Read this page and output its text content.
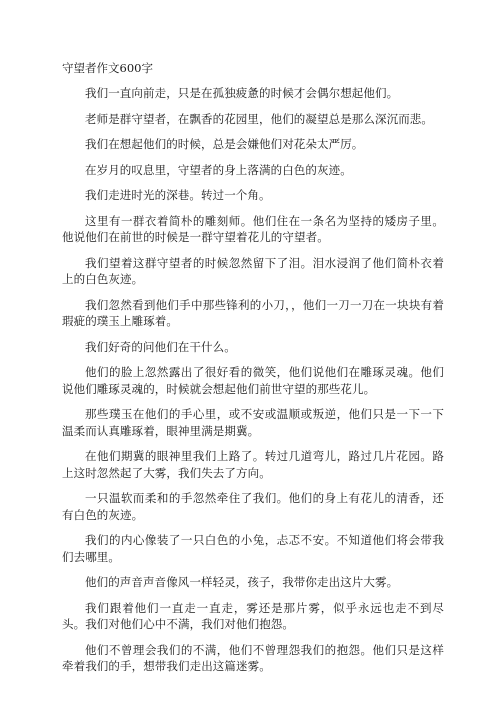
守望者作文600字

我们一直向前走，只是在孤独疲惫的时候才会偶尔想起他们。

老师是群守望者，在飘香的花园里，他们的凝望总是那么深沉而悲。

我们在想起他们的时候，总是会嫌他们对花朵太严厉。

在岁月的叹息里，守望者的身上落满的白色的灰迹。

我们走进时光的深巷。转过一个角。

这里有一群衣着简朴的雕刻师。他们住在一条名为坚持的矮房子里。他说他们在前世的时候是一群守望着花儿的守望者。

我们望着这群守望者的时候忽然留下了泪。泪水浸润了他们简朴衣着上的白色灰迹。

我们忽然看到他们手中那些锋利的小刀，，他们一刀一刀在一块块有着瑕疵的璞玉上雕琢着。

我们好奇的问他们在干什么。

他们的脸上忽然露出了很好看的微笑，他们说他们在雕琢灵魂。他们说他们雕琢灵魂的，时候就会想起他们前世守望的那些花儿。

那些璞玉在他们的手心里，或不安或温顺或叛逆，他们只是一下一下温柔而认真雕琢着，眼神里满是期冀。

在他们期冀的眼神里我们上路了。转过几道弯儿，路过几片花园。路上这时忽然起了大雾，我们失去了方向。

一只温软而柔和的手忽然牵住了我们。他们的身上有花儿的清香，还有白色的灰迹。

我们的内心像装了一只白色的小兔，忐忑不安。不知道他们将会带我们去哪里。

他们的声音声音像风一样轻灵，孩子，我带你走出这片大雾。

我们跟着他们一直走一直走，雾还是那片雾，似乎永远也走不到尽头。我们对他们心中不满，我们对他们抱怨。

他们不曾理会我们的不满，他们不曾理怨我们的抱怨。他们只是这样牵着我们的手，想带我们走出这篇迷雾。
